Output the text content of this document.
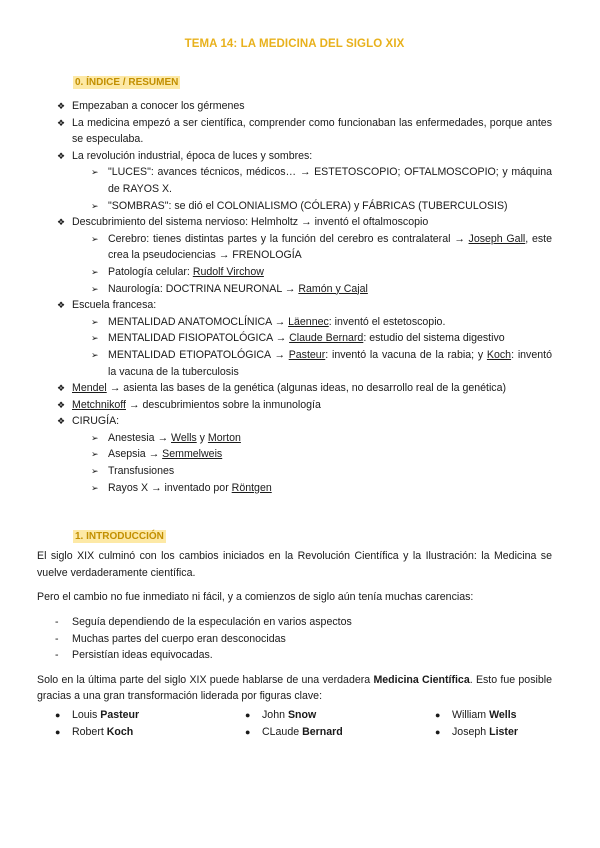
TEMA 14: LA MEDICINA DEL SIGLO XIX
0. ÍNDICE / RESUMEN
❖ Empezaban a conocer los gérmenes
❖ La medicina empezó a ser científica, comprender como funcionaban las enfermedades, porque antes se especulaba.
❖ La revolución industrial, época de luces y sombres:
➢ "LUCES": avances técnicos, médicos… → ESTETOSCOPIO; OFTALMOSCOPIO; y máquina de RAYOS X.
➢ "SOMBRAS": se dió el COLONIALISMO (CÓLERA) y FÁBRICAS (TUBERCULOSIS)
❖ Descubrimiento del sistema nervioso: Helmholtz → inventó el oftalmoscopio
➢ Cerebro: tienes distintas partes y la función del cerebro es contralateral → Joseph Gall, este crea la pseudociencias → FRENOLOGÍA
➢ Patología celular: Rudolf Virchow
➢ Naurología: DOCTRINA NEURONAL → Ramón y Cajal
❖ Escuela francesa:
➢ MENTALIDAD ANATOMOCLÍNICA → Läennec: inventó el estetoscopio.
➢ MENTALIDAD FISIOPATOLÓGICA → Claude Bernard: estudio del sistema digestivo
➢ MENTALIDAD ETIOPATOLÓGICA → Pasteur: inventó la vacuna de la rabia; y Koch: inventó la vacuna de la tuberculosis
❖ Mendel → asienta las bases de la genética (algunas ideas, no desarrollo real de la genética)
❖ Metchnikoff → descubrimientos sobre la inmunología
❖ CIRUGÍA:
➢ Anestesia → Wells y Morton
➢ Asepsia → Semmelweis
➢ Transfusiones
➢ Rayos X → inventado por Röntgen
1. INTRODUCCIÓN

El siglo XIX culminó con los cambios iniciados en la Revolución Científica y la Ilustración: la Medicina se vuelve verdaderamente científica.

Pero el cambio no fue inmediato ni fácil, y a comienzos de siglo aún tenía muchas carencias:

- Seguía dependiendo de la especulación en varios aspectos
- Muchas partes del cuerpo eran desconocidas
- Persistían ideas equivocadas.

Solo en la última parte del siglo XIX puede hablarse de una verdadera Medicina Científica. Esto fue posible gracias a una gran transformación liderada por figuras clave:

● Louis Pasteur	● John Snow	● William Wells
● Robert Koch	● CLaude Bernard	● Joseph Lister
